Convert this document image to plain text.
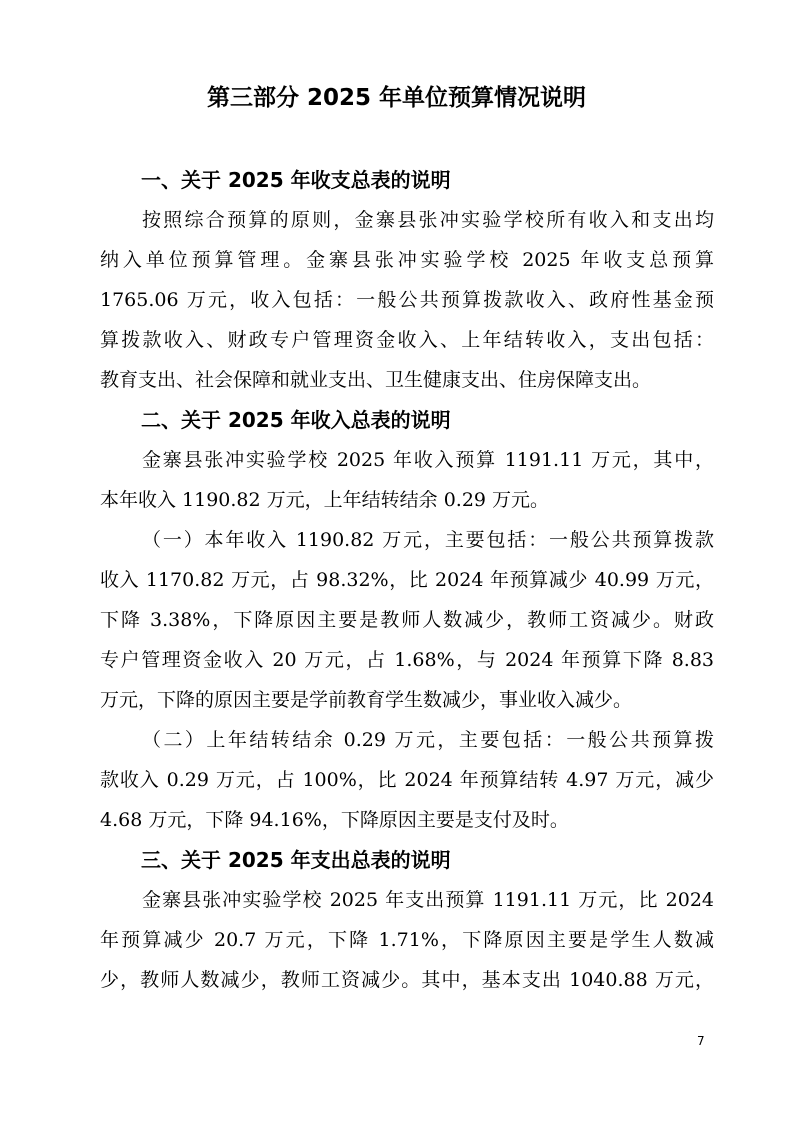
第三部分 2025 年单位预算情况说明
一、关于 2025 年收支总表的说明
按照综合预算的原则，金寨县张冲实验学校所有收入和支出均
纳入单位预算管理。金寨县张冲实验学校 2025 年收支总预算
1765.06 万元，收入包括：一般公共预算拨款收入、政府性基金预
算拨款收入、财政专户管理资金收入、上年结转收入，支出包括：
教育支出、社会保障和就业支出、卫生健康支出、住房保障支出。
二、关于 2025 年收入总表的说明
金寨县张冲实验学校 2025 年收入预算 1191.11 万元，其中，
本年收入 1190.82 万元，上年结转结余 0.29 万元。
（一）本年收入 1190.82 万元，主要包括：一般公共预算拨款
收入 1170.82 万元，占 98.32%，比 2024 年预算减少 40.99 万元，
下降 3.38%，下降原因主要是教师人数减少，教师工资减少。财政
专户管理资金收入 20 万元，占 1.68%，与 2024 年预算下降 8.83
万元，下降的原因主要是学前教育学生数减少，事业收入减少。
（二）上年结转结余 0.29 万元，主要包括：一般公共预算拨
款收入 0.29 万元，占 100%，比 2024 年预算结转 4.97 万元，减少
4.68 万元，下降 94.16%，下降原因主要是支付及时。
三、关于 2025 年支出总表的说明
金寨县张冲实验学校 2025 年支出预算 1191.11 万元，比 2024
年预算减少 20.7 万元，下降 1.71%，下降原因主要是学生人数减
少，教师人数减少，教师工资减少。其中，基本支出 1040.88 万元，
7
